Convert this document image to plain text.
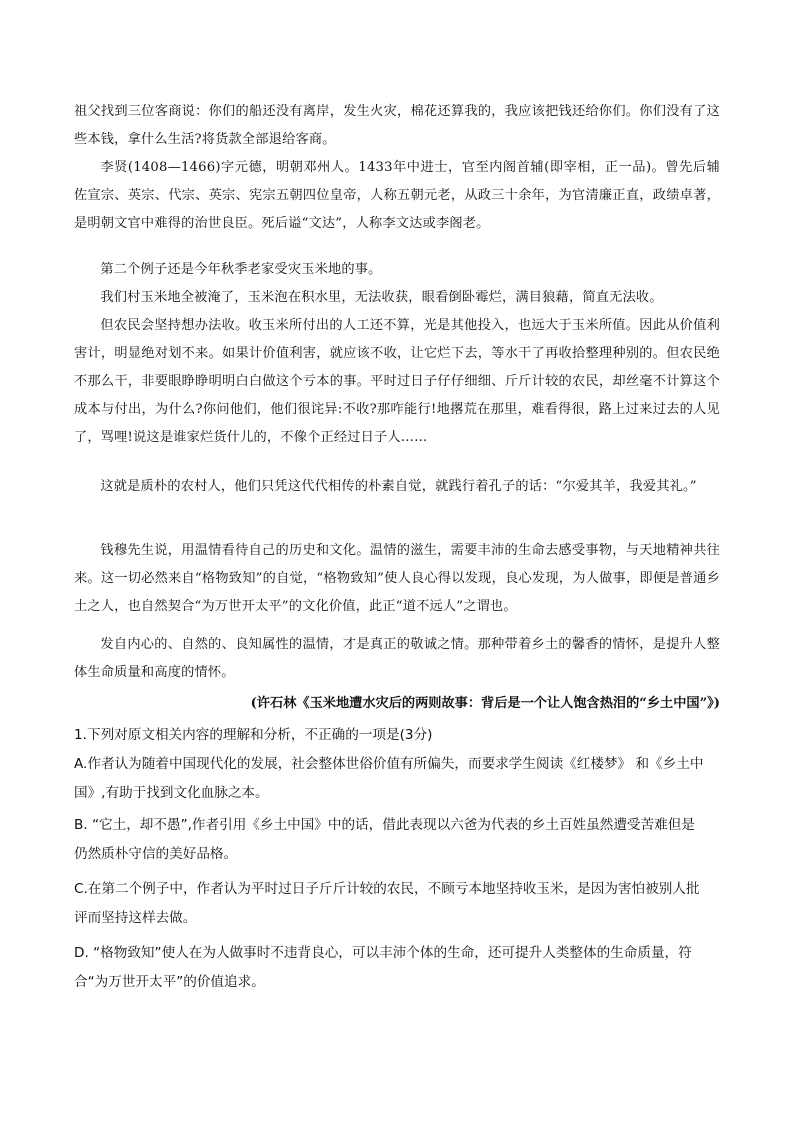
祖父找到三位客商说：你们的船还没有离岸，发生火灾，棉花还算我的，我应该把钱还给你们。你们没有了这些本钱，拿什么生活?将货款全部退给客商。

李贤(1408—1466)字元德，明朝邓州人。1433年中进士，官至内阁首辅(即宰相，正一品)。曾先后辅佐宣宗、英宗、代宗、英宗、宪宗五朝四位皇帝，人称五朝元老，从政三十余年，为官清廉正直，政绩卓著，是明朝文官中难得的治世良臣。死后谥“文达”，人称李文达或李阁老。

第二个例子还是今年秋季老家受灾玉米地的事。

我们村玉米地全被淹了，玉米泡在积水里，无法收获，眼看倒卧霉烂，满目狼藉，简直无法收。

但农民会坚持想办法收。收玉米所付出的人工还不算，光是其他投入，也远大于玉米所值。因此从价值利害计，明显绝对划不来。如果计价值利害，就应该不收，让它烂下去，等水干了再收拾整理种别的。但农民绝不那么干，非要眼睁睁明明白白做这个亏本的事。平时过日子仔仔细细、斤斤计较的农民，却丝毫不计算这个成本与付出，为什么?你问他们，他们很诧异:不收?那咋能行!地撂荒在那里，难看得很，路上过来过去的人见了，骂哩!说这是谁家烂货什儿的，不像个正经过日子人……

这就是质朴的农村人，他们只凭这代代相传的朴素自觉，就践行着孔子的话：“尔爱其羊，我爱其礼。”

钱穆先生说，用温情看待自己的历史和文化。温情的滋生，需要丰沛的生命去感受事物，与天地精神共往来。这一切必然来自“格物致知”的自觉，“格物致知”使人良心得以发现，良心发现，为人做事，即便是普通乡土之人，也自然契合“为万世开太平”的文化价值，此正“道不远人”之谓也。

发自内心的、自然的、良知属性的温情，才是真正的敬诚之情。那种带着乡土的馨香的情怀，是提升人整体生命质量和高度的情怀。

(许石林《玉米地遭水灾后的两则故事：背后是一个让人饱含热泪的“乡土中国”》)

1.下列对原文相关内容的理解和分析，不正确的一项是(3分)

A.作者认为随着中国现代化的发展，社会整体世俗价值有所偏失，而要求学生阅读《红楼梦》 和《乡土中
国》,有助于找到文化血脉之本。
B. “它土，却不愚”,作者引用《乡土中国》中的话，借此表现以六爸为代表的乡土百姓虽然遭受苦难但是
仍然质朴守信的美好品格。
C.在第二个例子中，作者认为平时过日子斤斤计较的农民，不顾亏本地坚持收玉米，是因为害怕被别人批
评而坚持这样去做。
D. “格物致知”使人在为人做事时不违背良心，可以丰沛个体的生命，还可提升人类整体的生命质量，符
合“为万世开太平”的价值追求。
